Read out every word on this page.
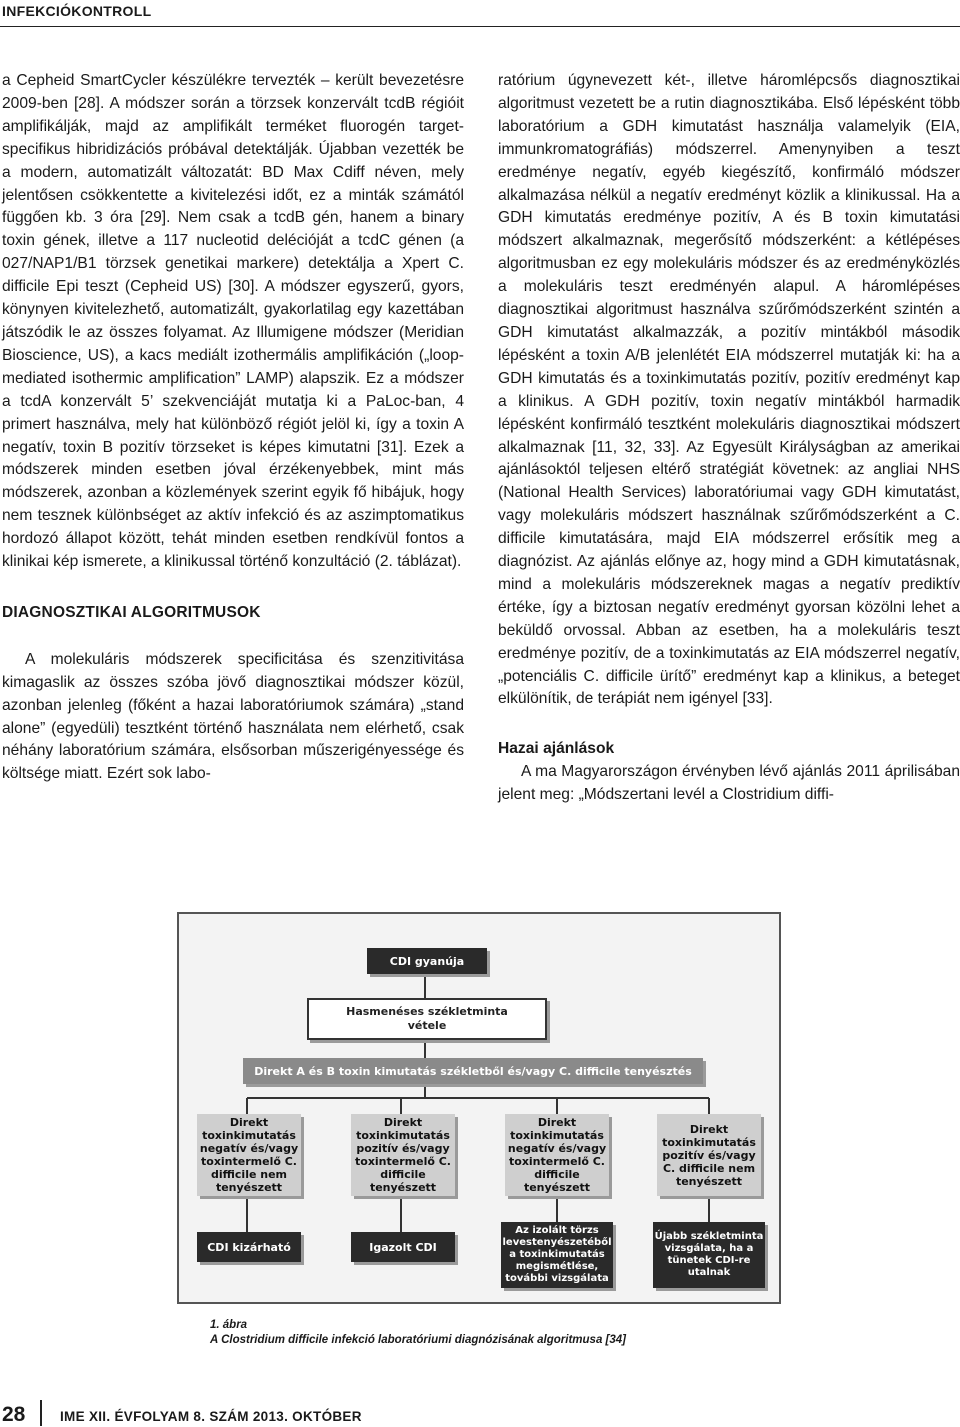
INFEKCIÓKONTROLL

a Cepheid SmartCycler készülékre tervezték – került bevezetésre 2009-ben [28]. A módszer során a törzsek konzervált tcdB régióit amplifikálják, majd az amplifikált terméket fluorogén target-specifikus hibridizációs próbával detektálják. Újabban vezették be a modern, automatizált változatát: BD Max Cdiff néven, mely jelentősen csökkentette a kivitelezési időt, ez a minták számától függően kb. 3 óra [29]. Nem csak a tcdB gén, hanem a binary toxin gének, illetve a 117 nucleotid delécióját a tcdC génen (a 027/NAP1/B1 törzsek genetikai markere) detektálja a Xpert C. difficile Epi teszt (Cepheid US) [30]. A módszer egyszerű, gyors, könynyen kivitelezhető, automatizált, gyakorlatilag egy kazettában játszódik le az összes folyamat. Az Illumigene módszer (Meridian Bioscience, US), a kacs mediált izothermális amplifikáción („loop-mediated isothermic amplification” LAMP) alapszik. Ez a módszer a tcdA konzervált 5’ szekvenciáját mutatja ki a PaLoc-ban, 4 primert használva, mely hat különböző régiót jelöl ki, így a toxin A negatív, toxin B pozitív törzseket is képes kimutatni [31]. Ezek a módszerek minden esetben jóval érzékenyebbek, mint más módszerek, azonban a közlemények szerint egyik fő hibájuk, hogy nem tesznek különbséget az aktív infekció és az aszimptomatikus hordozó állapot között, tehát minden esetben rendkívül fontos a klinikai kép ismerete, a klinikussal történő konzultáció (2. táblázat).

DIAGNOSZTIKAI ALGORITMUSOK

A molekuláris módszerek specificitása és szenzitivitása kimagaslik az összes szóba jövő diagnosztikai módszer közül, azonban jelenleg (főként a hazai laboratóriumok számára) „stand alone” (egyedüli) tesztként történő használata nem elérhető, csak néhány laboratórium számára, elsősorban műszerigényessége és költsége miatt. Ezért sok labo-

ratórium úgynevezett két-, illetve háromlépcsős diagnosztikai algoritmust vezetett be a rutin diagnosztikába. Első lépésként több laboratórium a GDH kimutatást használja valamelyik (EIA, immunkromatográfiás) módszerrel. Amenynyiben a teszt eredménye negatív, egyéb kiegészítő, konfirmáló módszer alkalmazása nélkül a negatív eredményt közlik a klinikussal. Ha a GDH kimutatás eredménye pozitív, A és B toxin kimutatási módszert alkalmaznak, megerősítő módszerként: a kétlépéses algoritmusban ez egy molekuláris módszer és az eredményközlés a molekuláris teszt eredményén alapul. A háromlépéses diagnosztikai algoritmust használva szűrőmódszerként szintén a GDH kimutatást alkalmazzák, a pozitív mintákból második lépésként a toxin A/B jelenlétét EIA módszerrel mutatják ki: ha a GDH kimutatás és a toxinkimutatás pozitív, pozitív eredményt kap a klinikus. A GDH pozitív, toxin negatív mintákból harmadik lépésként konfirmáló tesztként molekuláris diagnosztikai módszert alkalmaznak [11, 32, 33]. Az Egyesült Királyságban az amerikai ajánlásoktól teljesen eltérő stratégiát követnek: az angliai NHS (National Health Services) laboratóriumai vagy GDH kimutatást, vagy molekuláris módszert használnak szűrőmódszerként a C. difficile kimutatására, majd EIA módszerrel erősítik meg a diagnózist. Az ajánlás előnye az, hogy mind a GDH kimutatásnak, mind a molekuláris módszereknek magas a negatív prediktív értéke, így a biztosan negatív eredményt gyorsan közölni lehet a beküldő orvossal. Abban az esetben, ha a molekuláris teszt eredménye pozitív, de a toxinkimutatás az EIA módszerrel negatív, „potenciális C. difficile ürítő” eredményt kap a klinikus, a beteget elkülönítik, de terápiát nem igényel [33].

Hazai ajánlások

A ma Magyarországon érvényben lévő ajánlás 2011 áprilisában jelent meg: „Módszertani levél a Clostridium diffi-

CDI gyanúja
Hasmenéses székletminta
vétele
Direkt A és B toxin kimutatás székletből és/vagy C. difficile tenyésztés
Direkt toxinkimutatás negatív és/vagy toxintermelő C. difficile nem tenyészett
Direkt toxinkimutatás pozitív és/vagy toxintermelő C. difficile tenyészett
Direkt toxinkimutatás negatív és/vagy toxintermelő C. difficile tenyészett
Direkt toxinkimutatás pozitív és/vagy C. difficile nem tenyészett
CDI kizárható	Igazolt CDI
Az izolált törzs levestenyészetéből a toxinkimutatás megismétlése, további vizsgálata
Újabb székletminta vizsgálata, ha a tünetek CDI-re utalnak
1. ábra
A Clostridium difficile infekció laboratóriumi diagnózisának algoritmusa [34]
28	IME XII. ÉVFOLYAM 8. SZÁM 2013. OKTÓBER
